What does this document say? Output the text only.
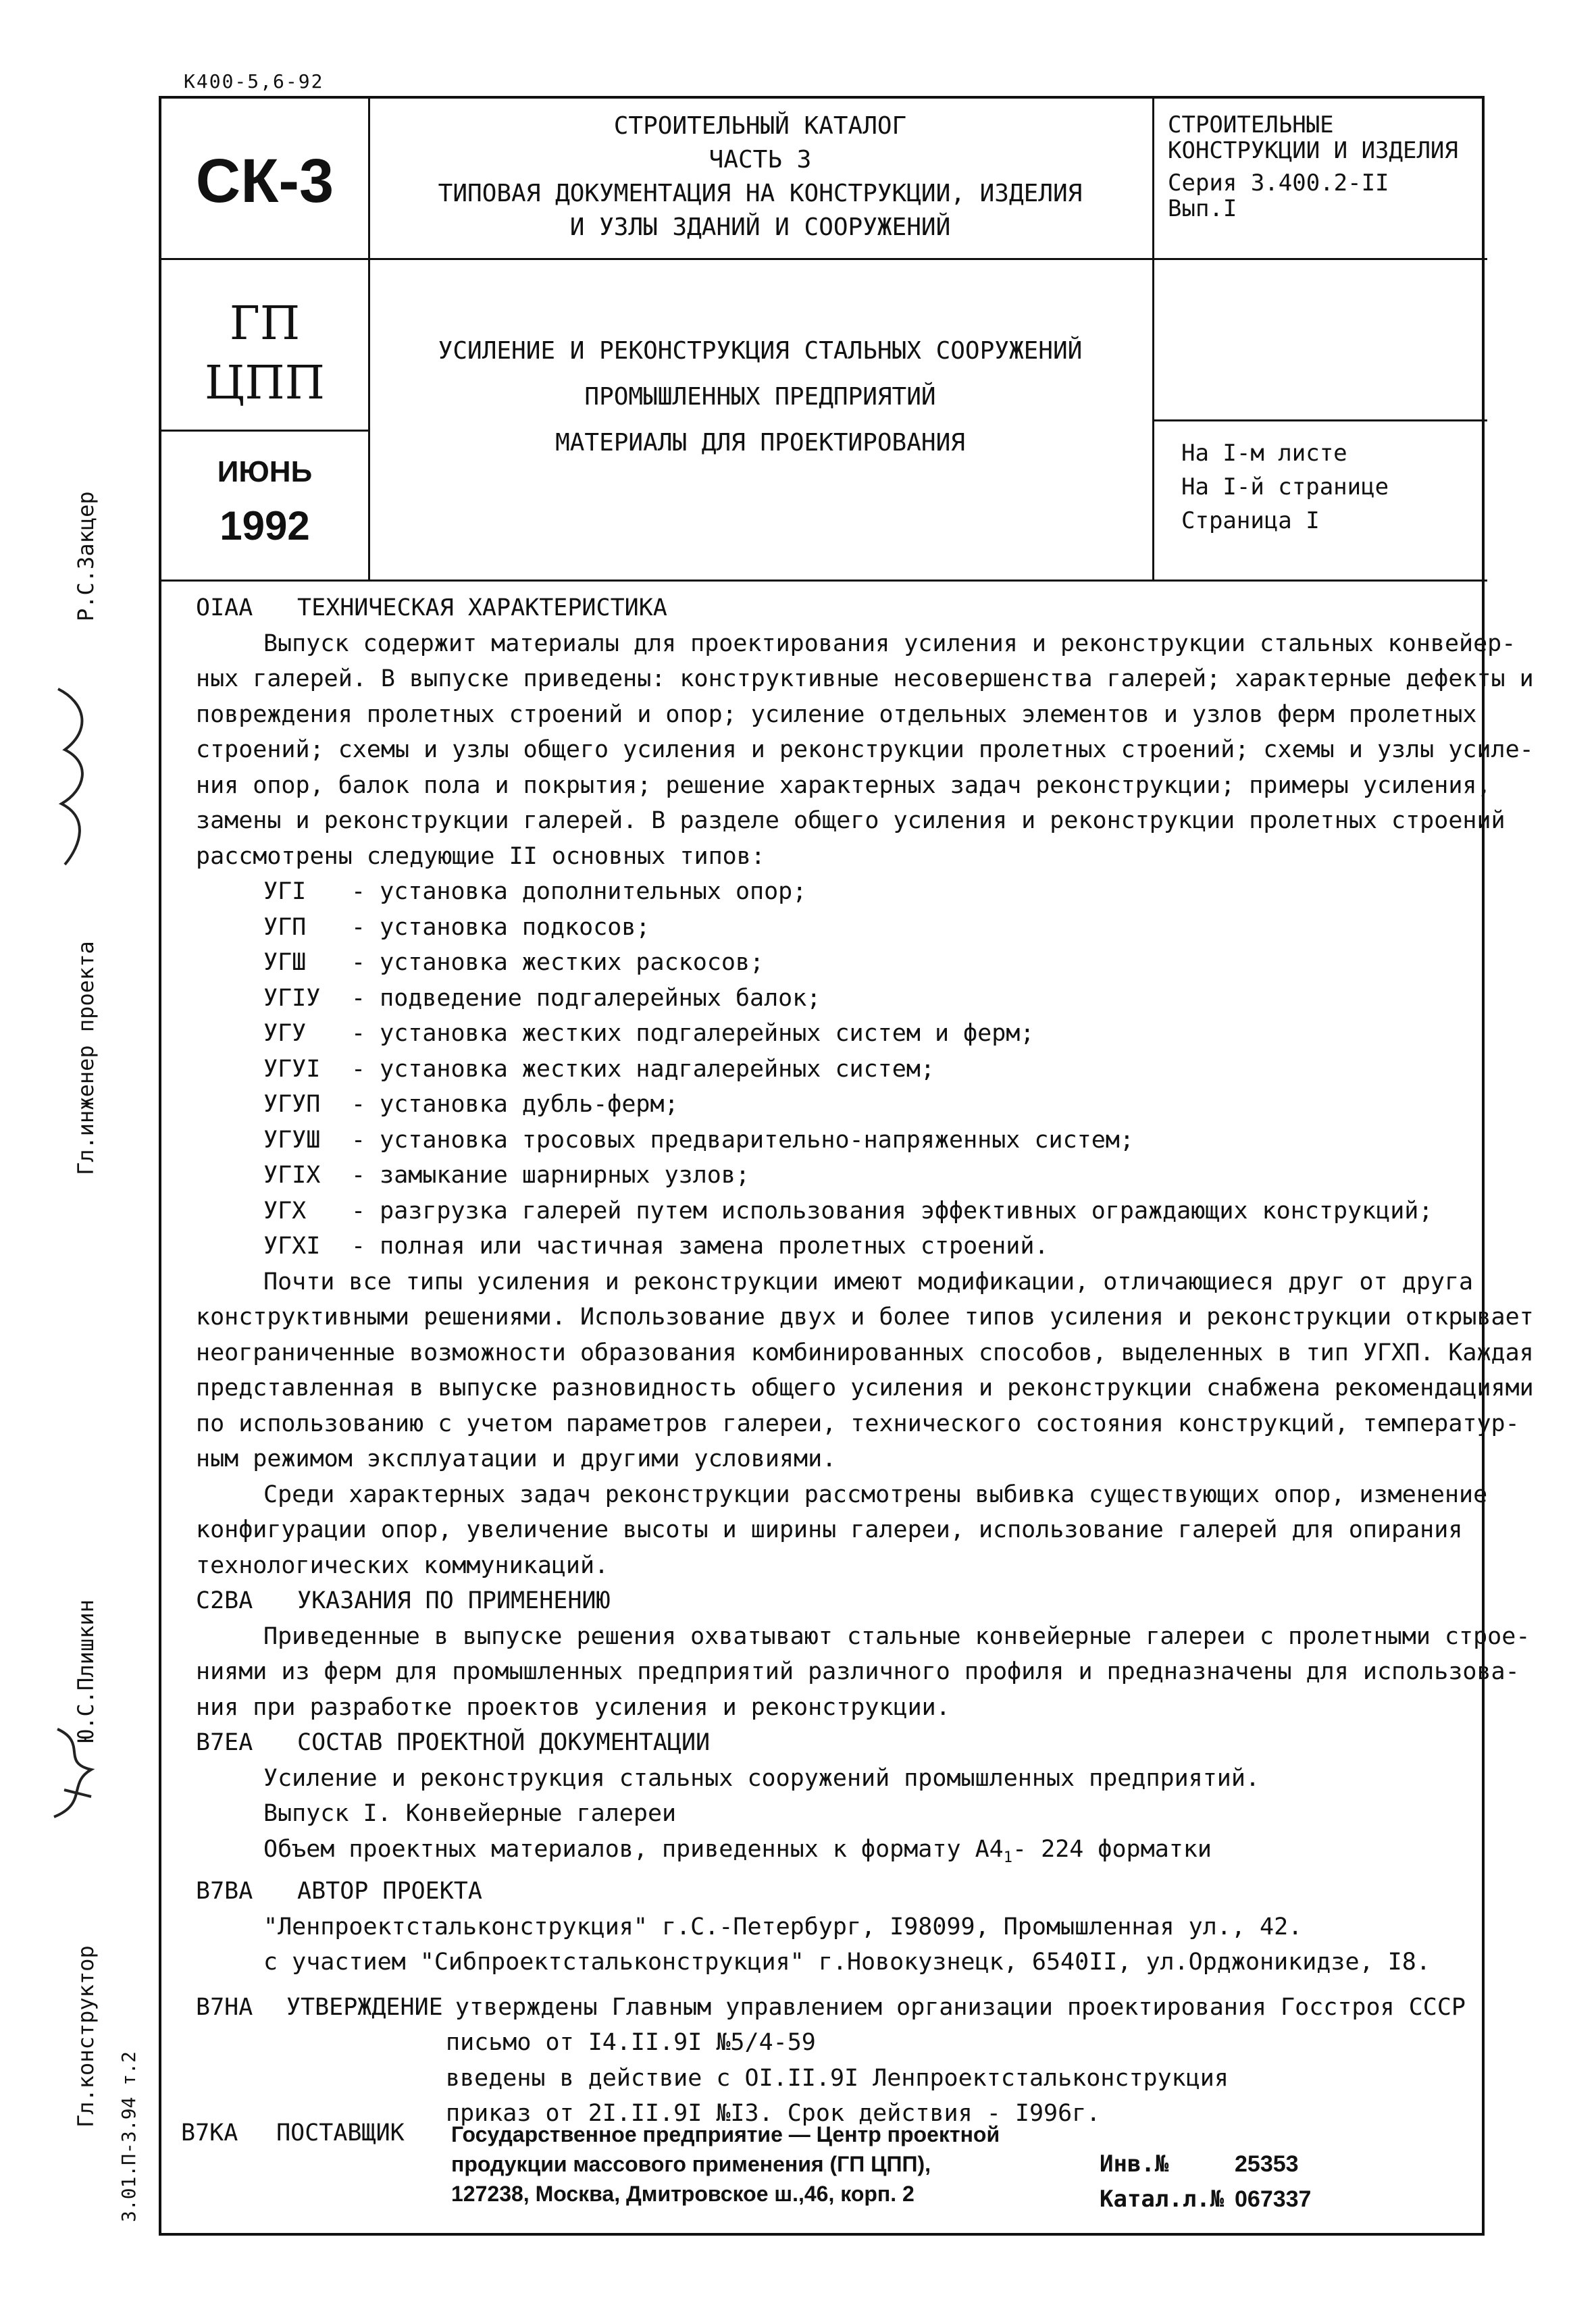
К400-5,6-92
СК-3
ГП
ЦПП
ИЮНЬ
1992
СТРОИТЕЛЬНЫЙ КАТАЛОГ
ЧАСТЬ 3
ТИПОВАЯ ДОКУМЕНТАЦИЯ НА КОНСТРУКЦИИ, ИЗДЕЛИЯ
И УЗЛЫ ЗДАНИЙ И СООРУЖЕНИЙ
УСИЛЕНИЕ И РЕКОНСТРУКЦИЯ СТАЛЬНЫХ СООРУЖЕНИЙ
ПРОМЫШЛЕННЫХ ПРЕДПРИЯТИЙ
МАТЕРИАЛЫ ДЛЯ ПРОЕКТИРОВАНИЯ
СТРОИТЕЛЬНЫЕ
КОНСТРУКЦИИ И ИЗДЕЛИЯ
Серия 3.400.2-II
Вып.I
На I-м листе
На I-й странице
Страница I
Р.С.Закцер
Гл.инженер проекта
Ю.С.Плишкин
Гл.конструктор
3.01.П-3.94 т.2
OIAA	ТЕХНИЧЕСКАЯ ХАРАКТЕРИСТИКА
Выпуск содержит материалы для проектирования усиления и реконструкции стальных конвейер-
ных галерей. В выпуске приведены: конструктивные несовершенства галерей; характерные дефекты и
повреждения пролетных строений и опор; усиление отдельных элементов и узлов ферм пролетных
строений; схемы и узлы общего усиления и реконструкции пролетных строений; схемы и узлы усиле-
ния опор, балок пола и покрытия; решение характерных задач реконструкции; примеры усиления,
замены и реконструкции галерей. В разделе общего усиления и реконструкции пролетных строений
рассмотрены следующие II основных типов:
УГI	- установка дополнительных опор;
УГП	- установка подкосов;
УГШ	- установка жестких раскосов;
УГIУ	- подведение подгалерейных балок;
УГУ	- установка жестких подгалерейных систем и ферм;
УГУI	- установка жестких надгалерейных систем;
УГУП	- установка дубль-ферм;
УГУШ	- установка тросовых предварительно-напряженных систем;
УГIХ	- замыкание шарнирных узлов;
УГХ	- разгрузка галерей путем использования эффективных ограждающих конструкций;
УГХI	- полная или частичная замена пролетных строений.
Почти все типы усиления и реконструкции имеют модификации, отличающиеся друг от друга
конструктивными решениями. Использование двух и более типов усиления и реконструкции открывает
неограниченные возможности образования комбинированных способов, выделенных в тип УГХП. Каждая
представленная в выпуске разновидность общего усиления и реконструкции снабжена рекомендациями
по использованию с учетом параметров галереи, технического состояния конструкций, температур-
ным режимом эксплуатации и другими условиями.
Среди характерных задач реконструкции рассмотрены выбивка существующих опор, изменение
конфигурации опор, увеличение высоты и ширины галереи, использование галерей для опирания
технологических коммуникаций.
C2BA	УКАЗАНИЯ ПО ПРИМЕНЕНИЮ
Приведенные в выпуске решения охватывают стальные конвейерные галереи с пролетными строе-
ниями из ферм для промышленных предприятий различного профиля и предназначены для использова-
ния при разработке проектов усиления и реконструкции.
B7EA	СОСТАВ ПРОЕКТНОЙ ДОКУМЕНТАЦИИ
Усиление и реконструкция стальных сооружений промышленных предприятий.
Выпуск I. Конвейерные галереи
Объем проектных материалов, приведенных к формату $А4_1-$ 224 форматки
B7BA	АВТОР ПРОЕКТА
"Ленпроектстальконструкция" г.С.-Петербург, I98099, Промышленная ул., 42.
с участием "Сибпроектстальконструкция" г.Новокузнецк, 6540II, ул.Орджоникидзе, I8.
B7HA	УТВЕРЖДЕНИЕ утверждены Главным управлением организации проектирования Госстроя СССР
письмо от I4.II.9I №5/4-59
введены в действие с OI.II.9I Ленпроектстальконструкция
приказ от 2I.II.9I №I3. Срок действия - I996г.
B7KA ПОСТАВЩИК Государственное предприятие — Центр проектной
продукции массового применения (ГП ЦПП),
127238, Москва, Дмитровское ш.,46, корп. 2
Инв.№	25353
Катал.л.№ 067337
